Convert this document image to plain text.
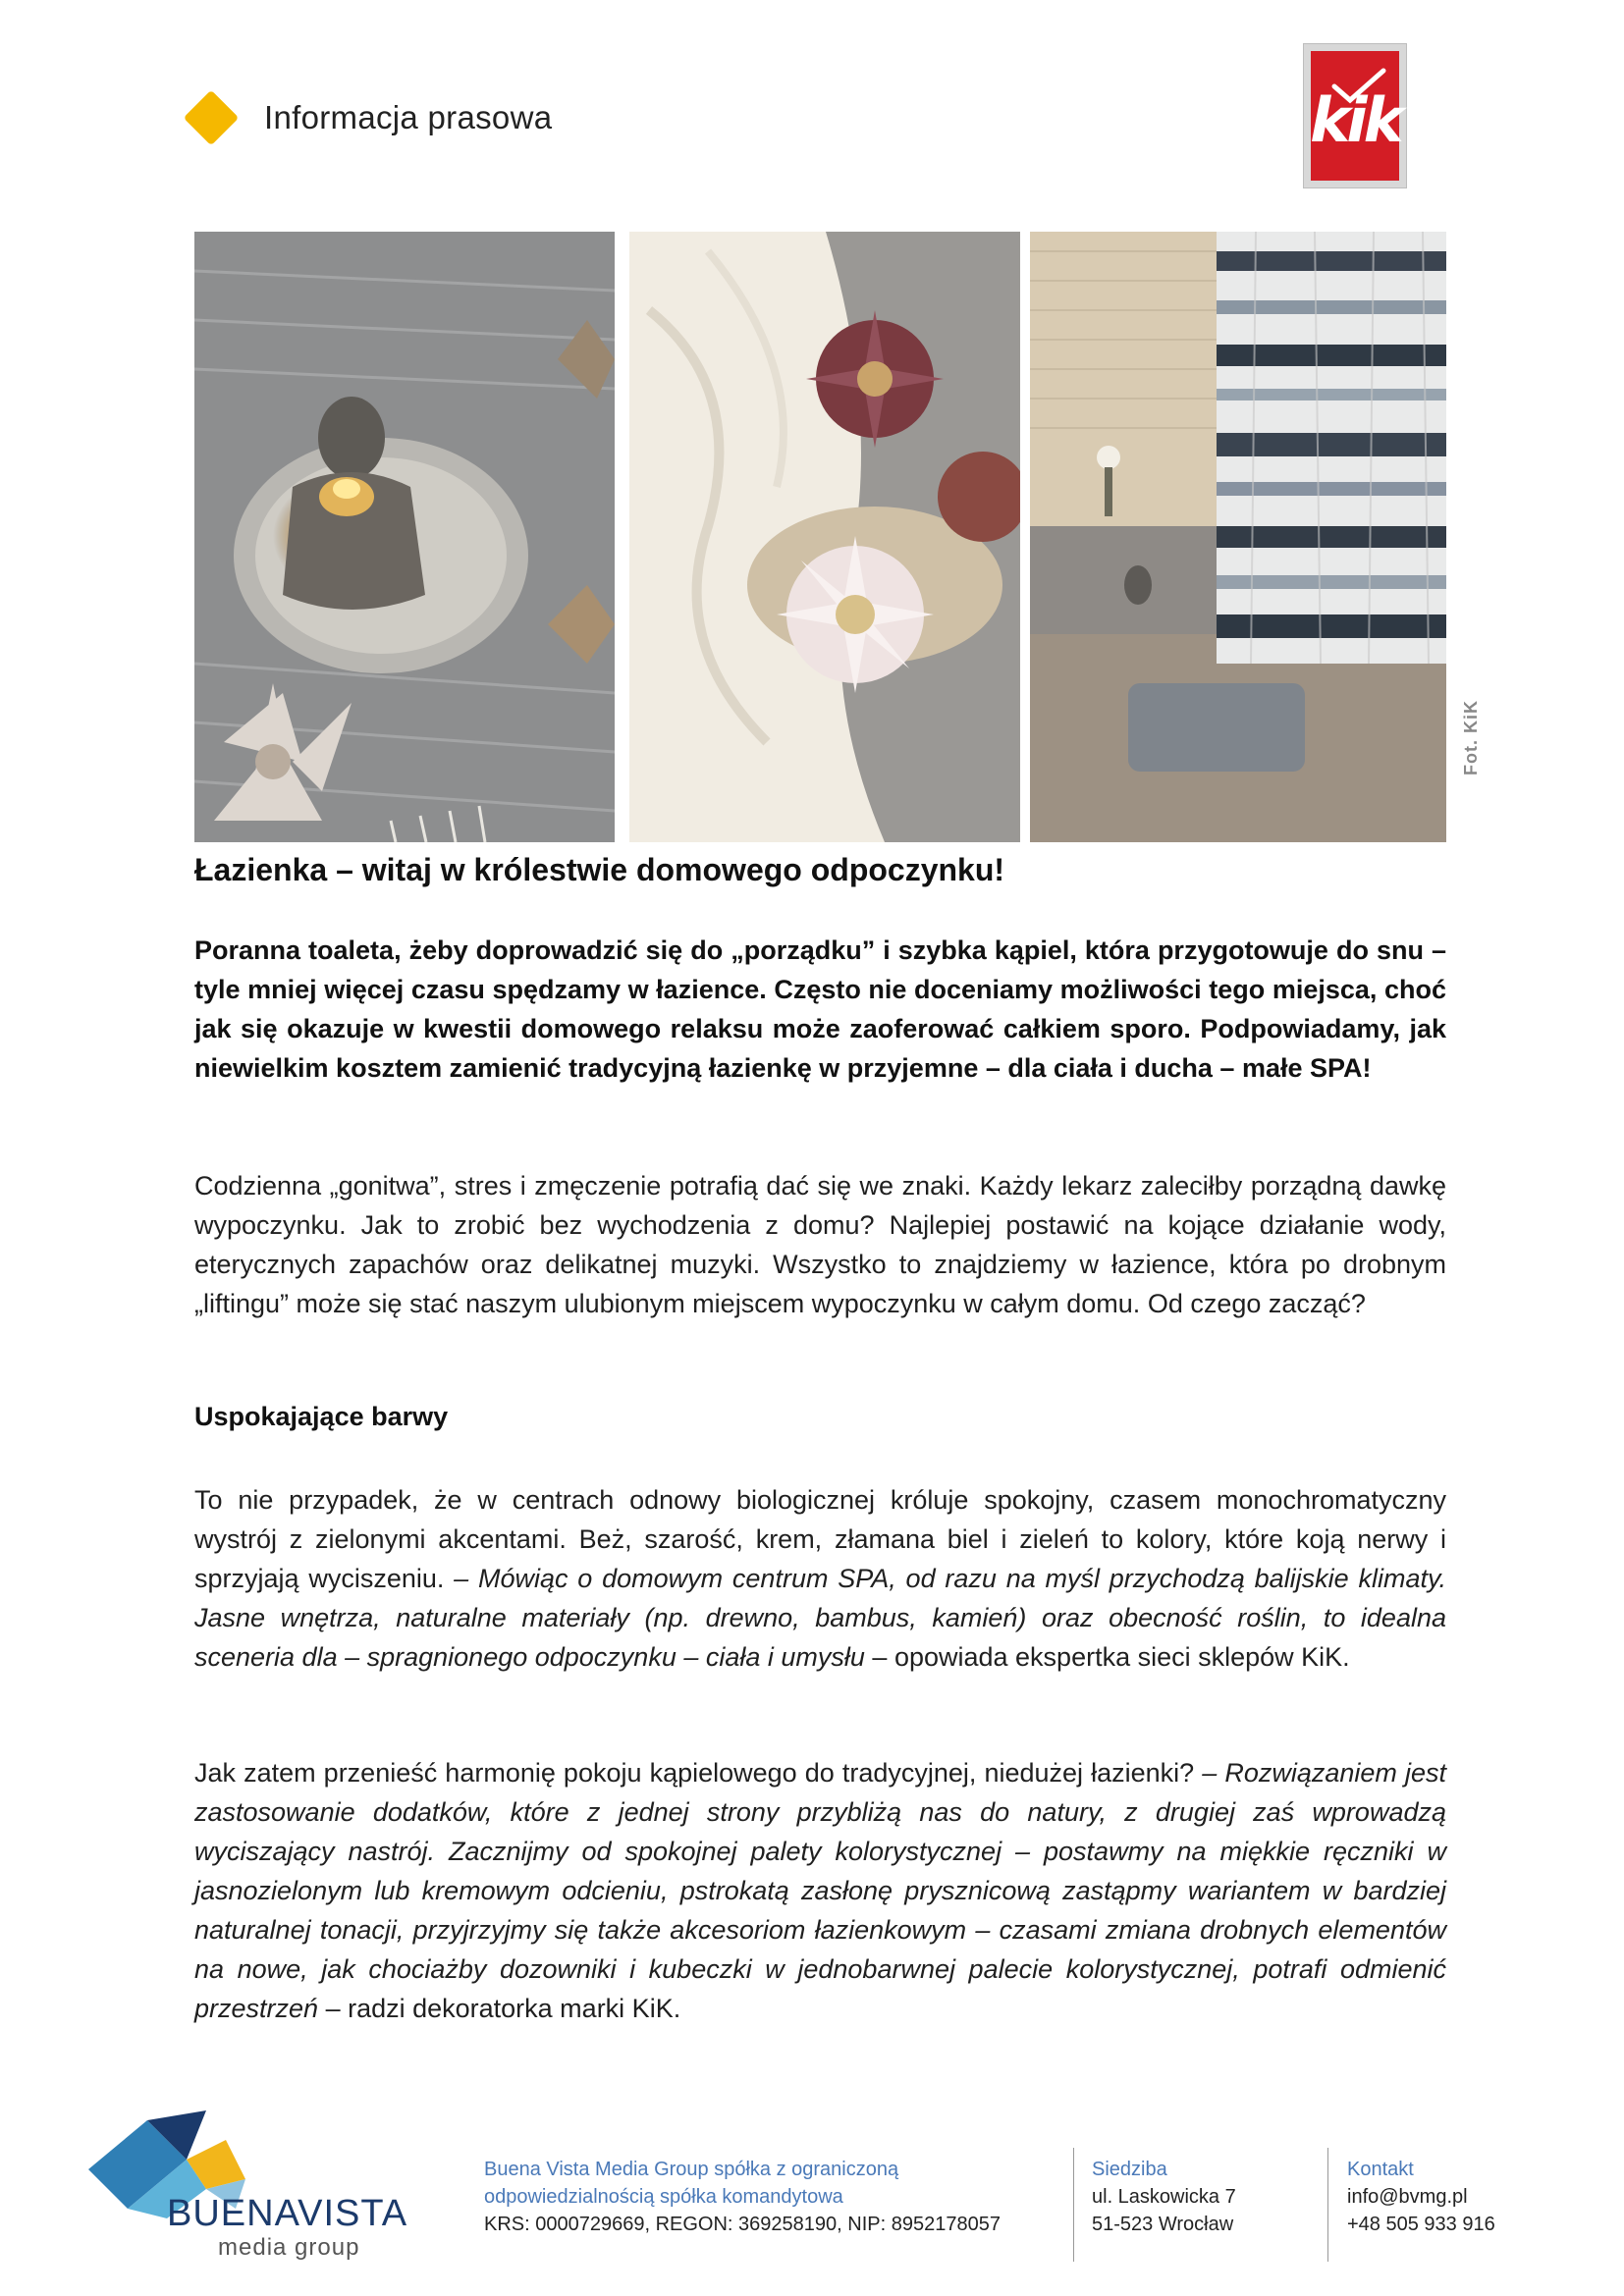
Informacja prasowa	kik
Fot. KiK
Łazienka – witaj w królestwie domowego odpoczynku!
Poranna toaleta, żeby doprowadzić się do „porządku” i szybka kąpiel, która przygotowuje do snu – tyle mniej więcej czasu spędzamy w łazience. Często nie doceniamy możliwości tego miejsca, choć jak się okazuje w kwestii domowego relaksu może zaoferować całkiem sporo. Podpowiadamy, jak niewielkim kosztem zamienić tradycyjną łazienkę w przyjemne – dla ciała i ducha – małe SPA!
Codzienna „gonitwa”, stres i zmęczenie potrafią dać się we znaki. Każdy lekarz zaleciłby porządną dawkę wypoczynku. Jak to zrobić bez wychodzenia z domu? Najlepiej postawić na kojące działanie wody, eterycznych zapachów oraz delikatnej muzyki. Wszystko to znajdziemy w łazience, która po drobnym „liftingu” może się stać naszym ulubionym miejscem wypoczynku w całym domu. Od czego zacząć?
Uspokajające barwy
To nie przypadek, że w centrach odnowy biologicznej króluje spokojny, czasem monochromatyczny wystrój z zielonymi akcentami. Beż, szarość, krem, złamana biel i zieleń to kolory, które koją nerwy i sprzyjają wyciszeniu. – Mówiąc o domowym centrum SPA, od razu na myśl przychodzą balijskie klimaty. Jasne wnętrza, naturalne materiały (np. drewno, bambus, kamień) oraz obecność roślin, to idealna sceneria dla – spragnionego odpoczynku – ciała i umysłu – opowiada ekspertka sieci sklepów KiK.
Jak zatem przenieść harmonię pokoju kąpielowego do tradycyjnej, niedużej łazienki? – Rozwiązaniem jest zastosowanie dodatków, które z jednej strony przybliżą nas do natury, z drugiej zaś wprowadzą wyciszający nastrój. Zacznijmy od spokojnej palety kolorystycznej – postawmy na miękkie ręczniki w jasnozielonym lub kremowym odcieniu, pstrokatą zasłonę prysznicową zastąpmy wariantem w bardziej naturalnej tonacji, przyjrzyjmy się także akcesoriom łazienkowym – czasami zmiana drobnych elementów na nowe, jak chociażby dozowniki i kubeczki w jednobarwnej palecie kolorystycznej, potrafi odmienić przestrzeń – radzi dekoratorka marki KiK.
BUENAVISTA
media group
Buena Vista Media Group spółka z ograniczoną
odpowiedzialnością spółka komandytowa
KRS: 0000729669, REGON: 369258190, NIP: 8952178057
Siedziba
ul. Laskowicka 7
51-523 Wrocław
Kontakt
info@bvmg.pl
+48 505 933 916
